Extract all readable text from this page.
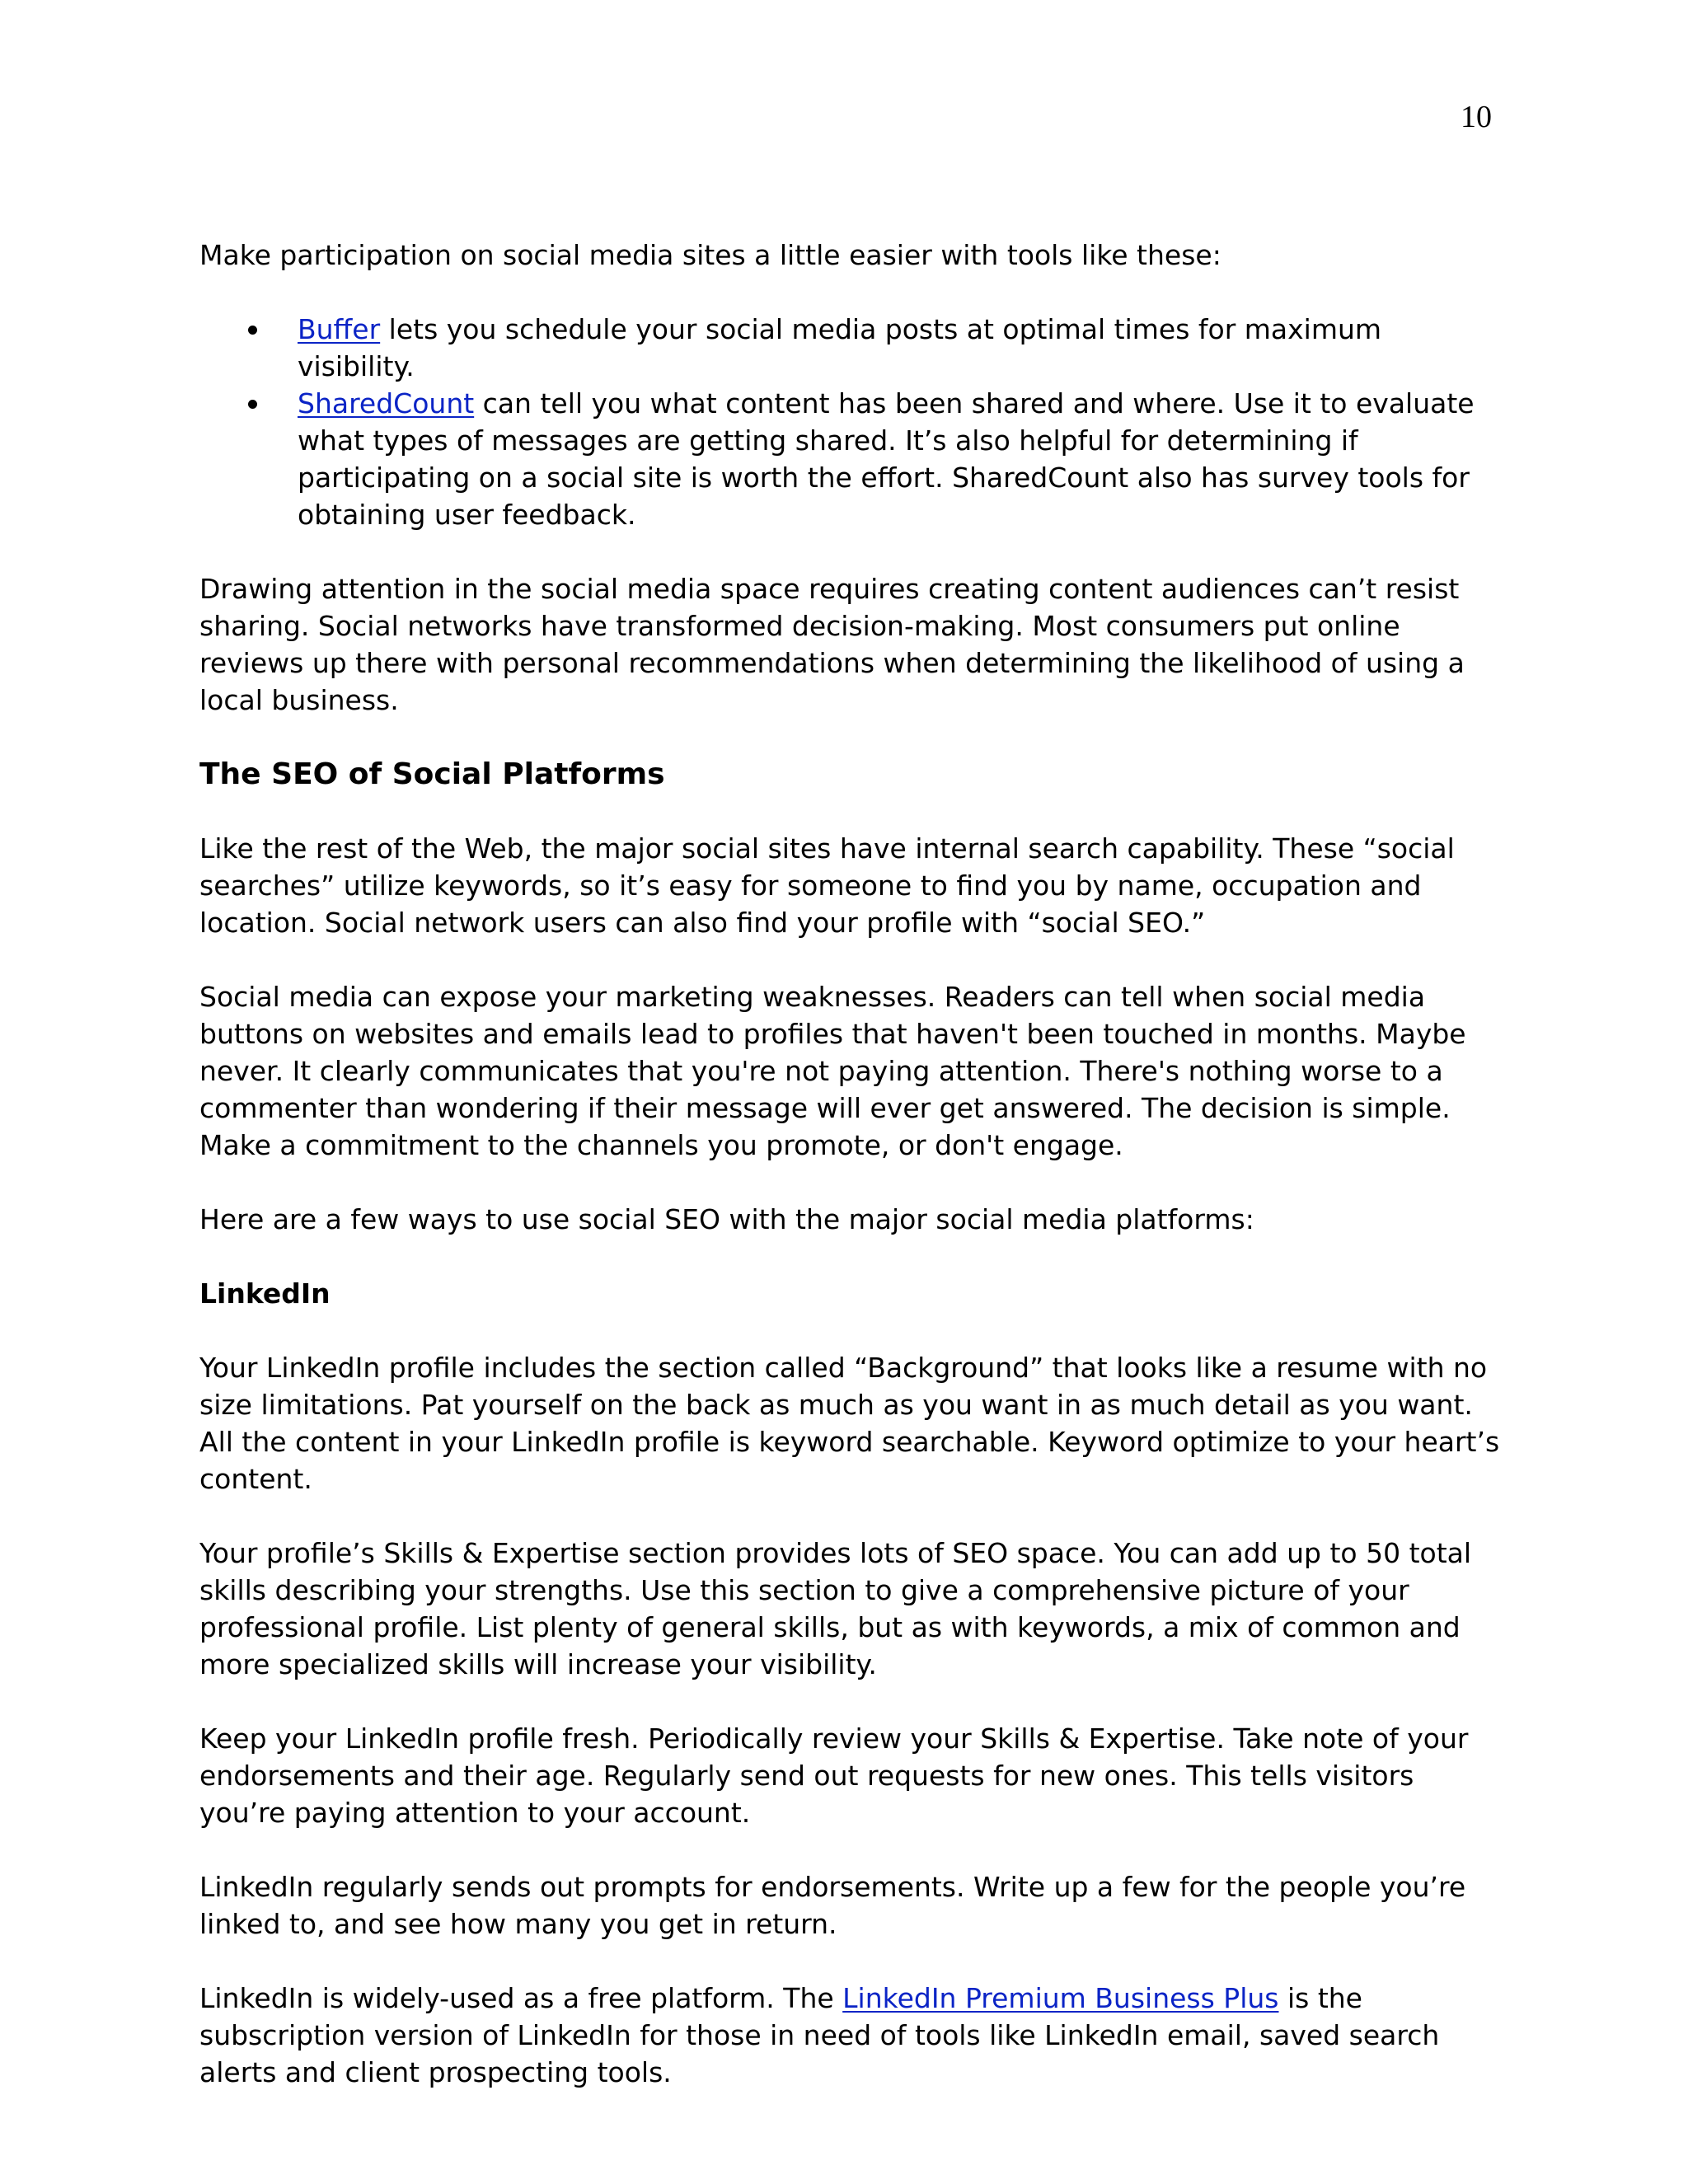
10

Make participation on social media sites a little easier with tools like these:

Buffer lets you schedule your social media posts at optimal times for maximum visibility.
SharedCount can tell you what content has been shared and where. Use it to evaluate what types of messages are getting shared. It’s also helpful for determining if participating on a social site is worth the effort. SharedCount also has survey tools for obtaining user feedback.

Drawing attention in the social media space requires creating content audiences can’t resist sharing. Social networks have transformed decision-making. Most consumers put online reviews up there with personal recommendations when determining the likelihood of using a local business.

The SEO of Social Platforms

Like the rest of the Web, the major social sites have internal search capability. These “social searches” utilize keywords, so it’s easy for someone to find you by name, occupation and location. Social network users can also find your profile with “social SEO.”

Social media can expose your marketing weaknesses. Readers can tell when social media buttons on websites and emails lead to profiles that haven't been touched in months. Maybe never. It clearly communicates that you're not paying attention. There's nothing worse to a commenter than wondering if their message will ever get answered. The decision is simple. Make a commitment to the channels you promote, or don't engage.

Here are a few ways to use social SEO with the major social media platforms:

LinkedIn

Your LinkedIn profile includes the section called “Background” that looks like a resume with no size limitations. Pat yourself on the back as much as you want in as much detail as you want. All the content in your LinkedIn profile is keyword searchable. Keyword optimize to your heart’s content.

Your profile’s Skills & Expertise section provides lots of SEO space. You can add up to 50 total skills describing your strengths. Use this section to give a comprehensive picture of your professional profile. List plenty of general skills, but as with keywords, a mix of common and more specialized skills will increase your visibility.

Keep your LinkedIn profile fresh. Periodically review your Skills & Expertise. Take note of your endorsements and their age. Regularly send out requests for new ones. This tells visitors you’re paying attention to your account.

LinkedIn regularly sends out prompts for endorsements. Write up a few for the people you’re linked to, and see how many you get in return.

LinkedIn is widely-used as a free platform. The LinkedIn Premium Business Plus is the subscription version of LinkedIn for those in need of tools like LinkedIn email, saved search alerts and client prospecting tools.
